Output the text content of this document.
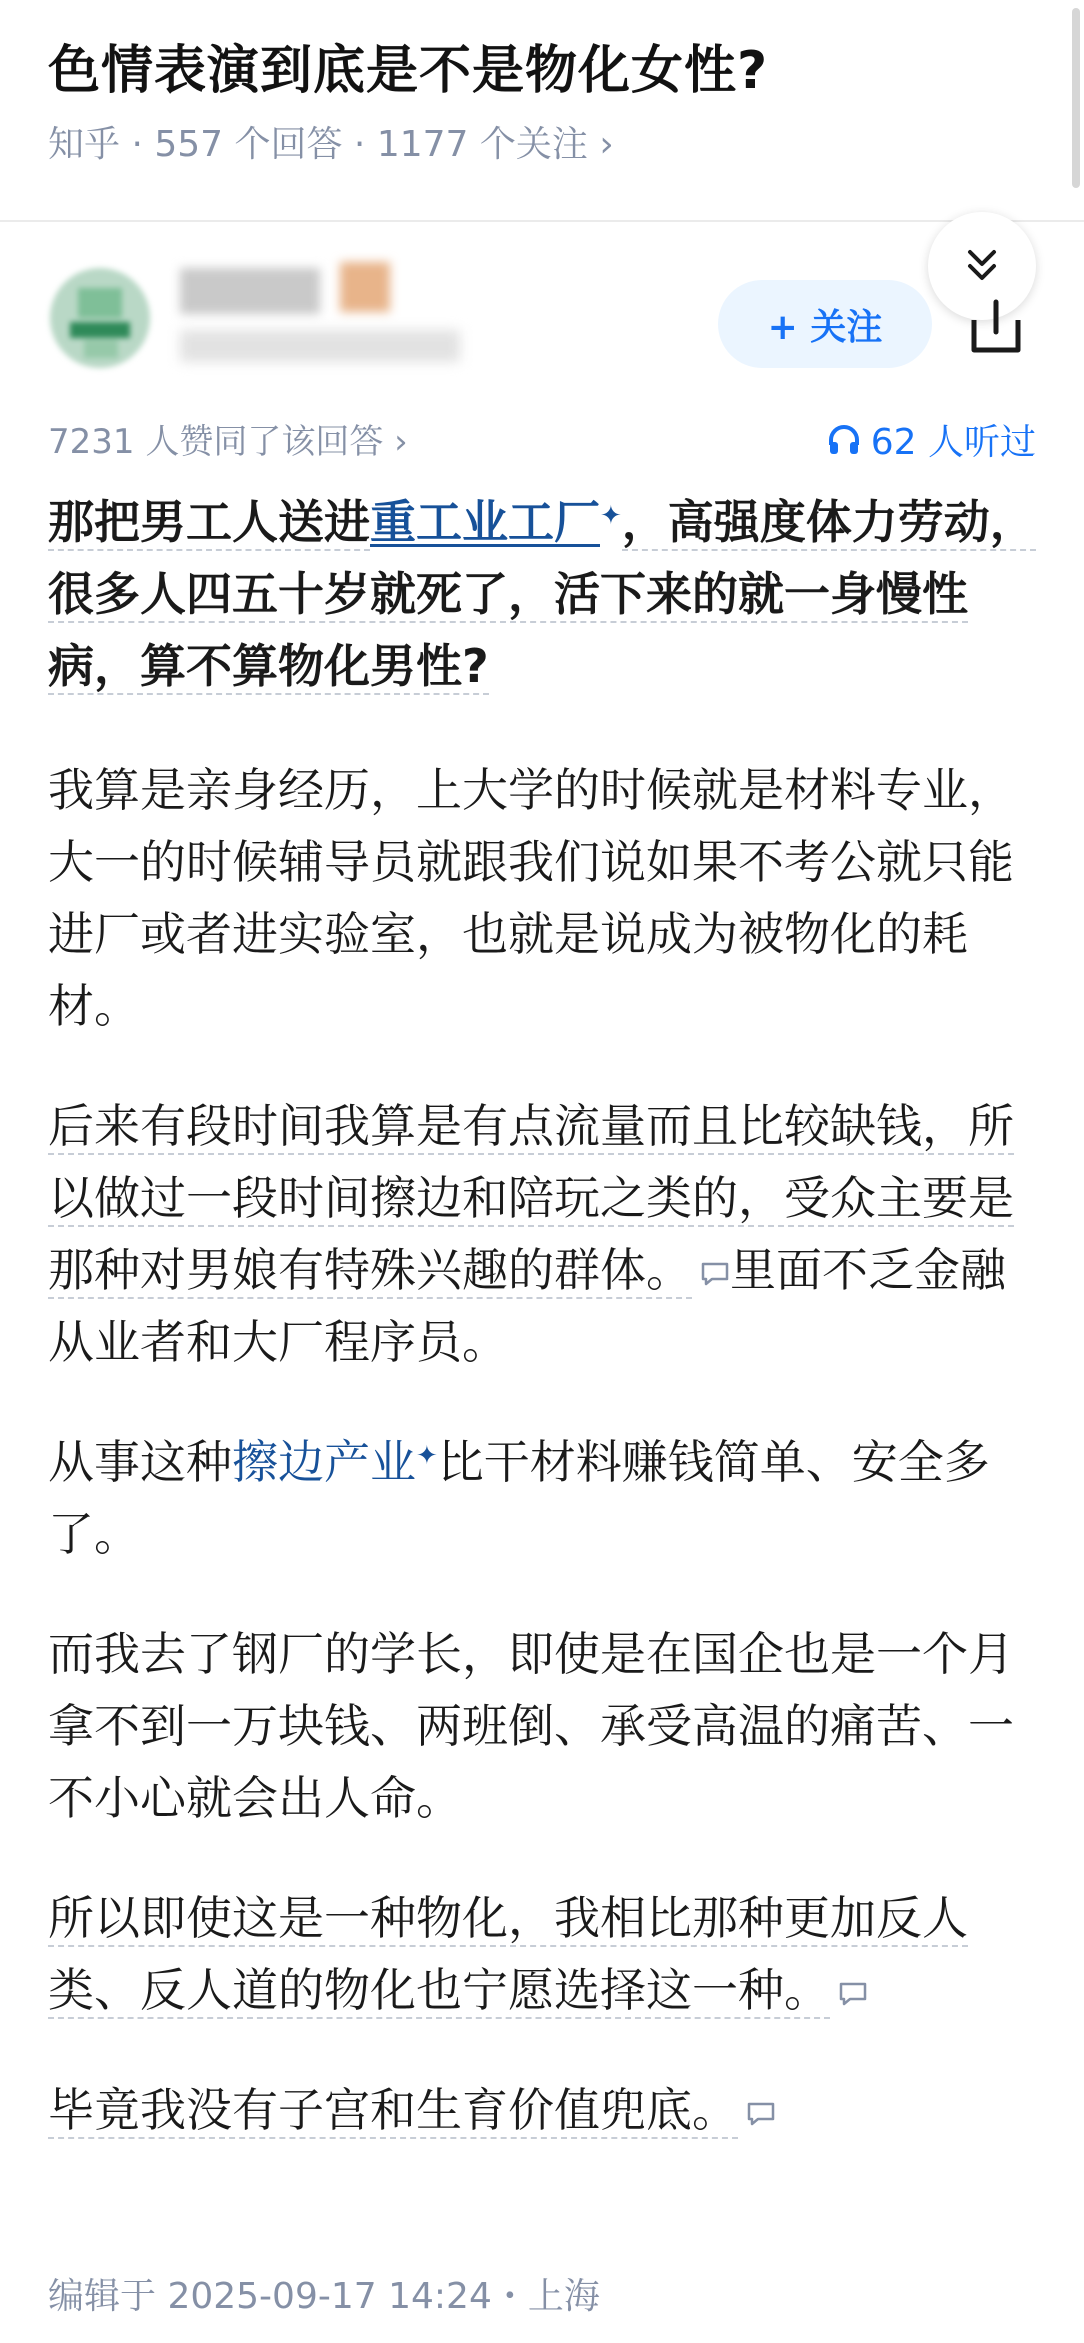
色情表演到底是不是物化女性?
知乎 · 557 个回答 · 1177 个关注 ›
+ 关注
7231 人赞同了该回答 ›	62 人听过

那把男工人送进重工业工厂✦，高强度体力劳动，很多人四五十岁就死了，活下来的就一身慢性病，算不算物化男性?

我算是亲身经历，上大学的时候就是材料专业，大一的时候辅导员就跟我们说如果不考公就只能进厂或者进实验室，也就是说成为被物化的耗材。

后来有段时间我算是有点流量而且比较缺钱，所以做过一段时间擦边和陪玩之类的，受众主要是那种对男娘有特殊兴趣的群体。 里面不乏金融从业者和大厂程序员。

从事这种擦边产业✦比干材料赚钱简单、安全多了。

而我去了钢厂的学长，即使是在国企也是一个月拿不到一万块钱、两班倒、承受高温的痛苦、一不小心就会出人命。

所以即使这是一种物化，我相比那种更加反人类、反人道的物化也宁愿选择这一种。

毕竟我没有子宫和生育价值兜底。

编辑于 2025-09-17 14:24・上海
